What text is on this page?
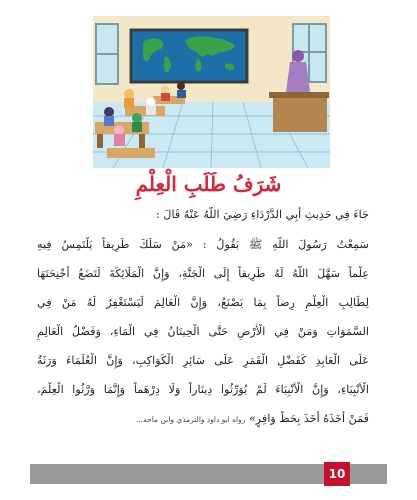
شَرَفُ طَلَبِ الْعِلْمِ
جَاءَ فِي حَدِيثِ أَبِي الدَّرْدَاءِ رَضِيَ اللَّهُ عَنْهُ قَالَ :
سَمِعْتُ رَسُولَ اللَّهِ ﷺ يَقُولُ : «مَنْ سَلَكَ طَرِيقاً يَلْتَمِسُ فِيهِ
عِلْماً سَهَّلَ اللَّهُ لَهُ طَرِيقاً إِلَى الْجَنَّةِ، وَإِنَّ الْمَلَائِكَةَ لَتَضَعُ أَجْنِحَتَهَا
لِطَالِبِ الْعِلْمِ رِضاً بِمَا يَصْنَعُ، وَإِنَّ الْعَالِمَ لَيَسْتَغْفِرُ لَهُ مَنْ فِي
السَّمَوَاتِ وَمَنْ فِي الْأَرْضِ حَتَّى الْحِيتَانُ فِي الْمَاءِ، وَفَضْلُ الْعَالِمِ
عَلَى الْعَابِدِ كَفَضْلِ الْقَمَرِ عَلَى سَائِرِ الْكَوَاكِبِ، وَإِنَّ الْعُلَمَاءَ وَرَثَةُ
الْأَنْبِيَاءِ، وَإِنَّ الْأَنْبِيَاءَ لَمْ يُوَرِّثُوا دِينَاراً وَلَا دِرْهَماً وَإِنَّمَا وَرَّثُوا الْعِلْمَ،
فَمَنْ أَخَذَهُ أَخَذَ بِحَظٍّ وَافِرٍ» رواه ابو داود والترمذي وابن ماجه...
10
